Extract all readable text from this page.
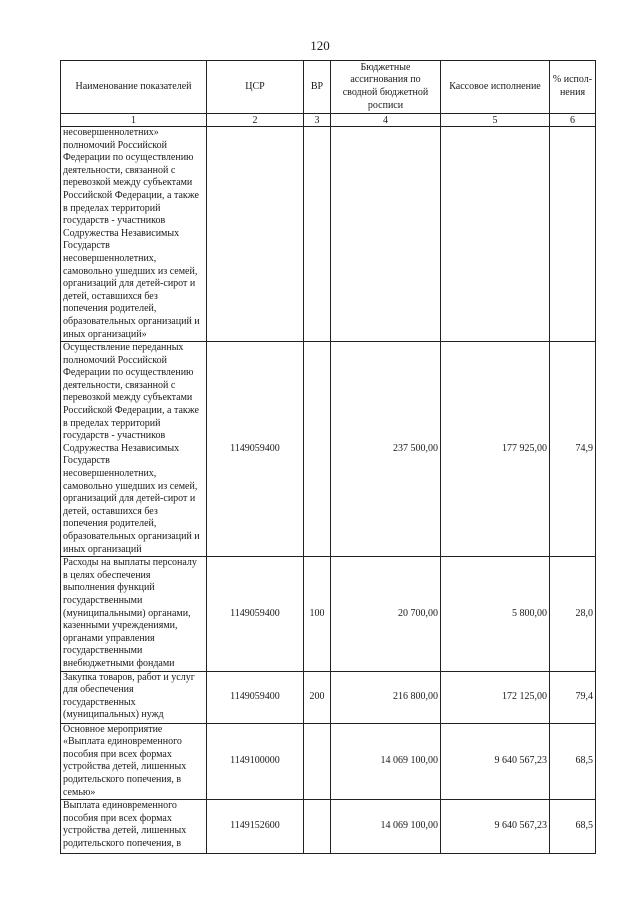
120
Наименование показателей	ЦСР	ВР	Бюджетные ассигнования по сводной бюджетной росписи	Кассовое исполнение	% испол- нения
1	2	3	4	5	6
несовершеннолетних» полномочий Российской Федерации по осуществлению деятельности, связанной с перевозкой между субъектами Российской Федерации, а также в пределах территорий государств - участников Содружества Независимых Государств несовершеннолетних, самовольно ушедших из семей, организаций для детей-сирот и детей, оставшихся без попечения родителей, образовательных организаций и иных организаций»					
Осуществление переданных полномочий Российской Федерации по осуществлению деятельности, связанной с перевозкой между субъектами Российской Федерации, а также в пределах территорий государств - участников Содружества Независимых Государств несовершеннолетних, самовольно ушедших из семей, организаций для детей-сирот и детей, оставшихся без попечения родителей, образовательных организаций и иных организаций	1149059400		237 500,00	177 925,00	74,9
Расходы на выплаты персоналу в целях обеспечения выполнения функций государственными (муниципальными) органами, казенными учреждениями, органами управления государственными внебюджетными фондами	1149059400	100	20 700,00	5 800,00	28,0
Закупка товаров, работ и услуг для обеспечения государственных (муниципальных) нужд	1149059400	200	216 800,00	172 125,00	79,4
Основное мероприятие «Выплата единовременного пособия при всех формах устройства детей, лишенных родительского попечения, в семью»	1149100000		14 069 100,00	9 640 567,23	68,5
Выплата единовременного пособия при всех формах устройства детей, лишенных родительского попечения, в	1149152600		14 069 100,00	9 640 567,23	68,5
